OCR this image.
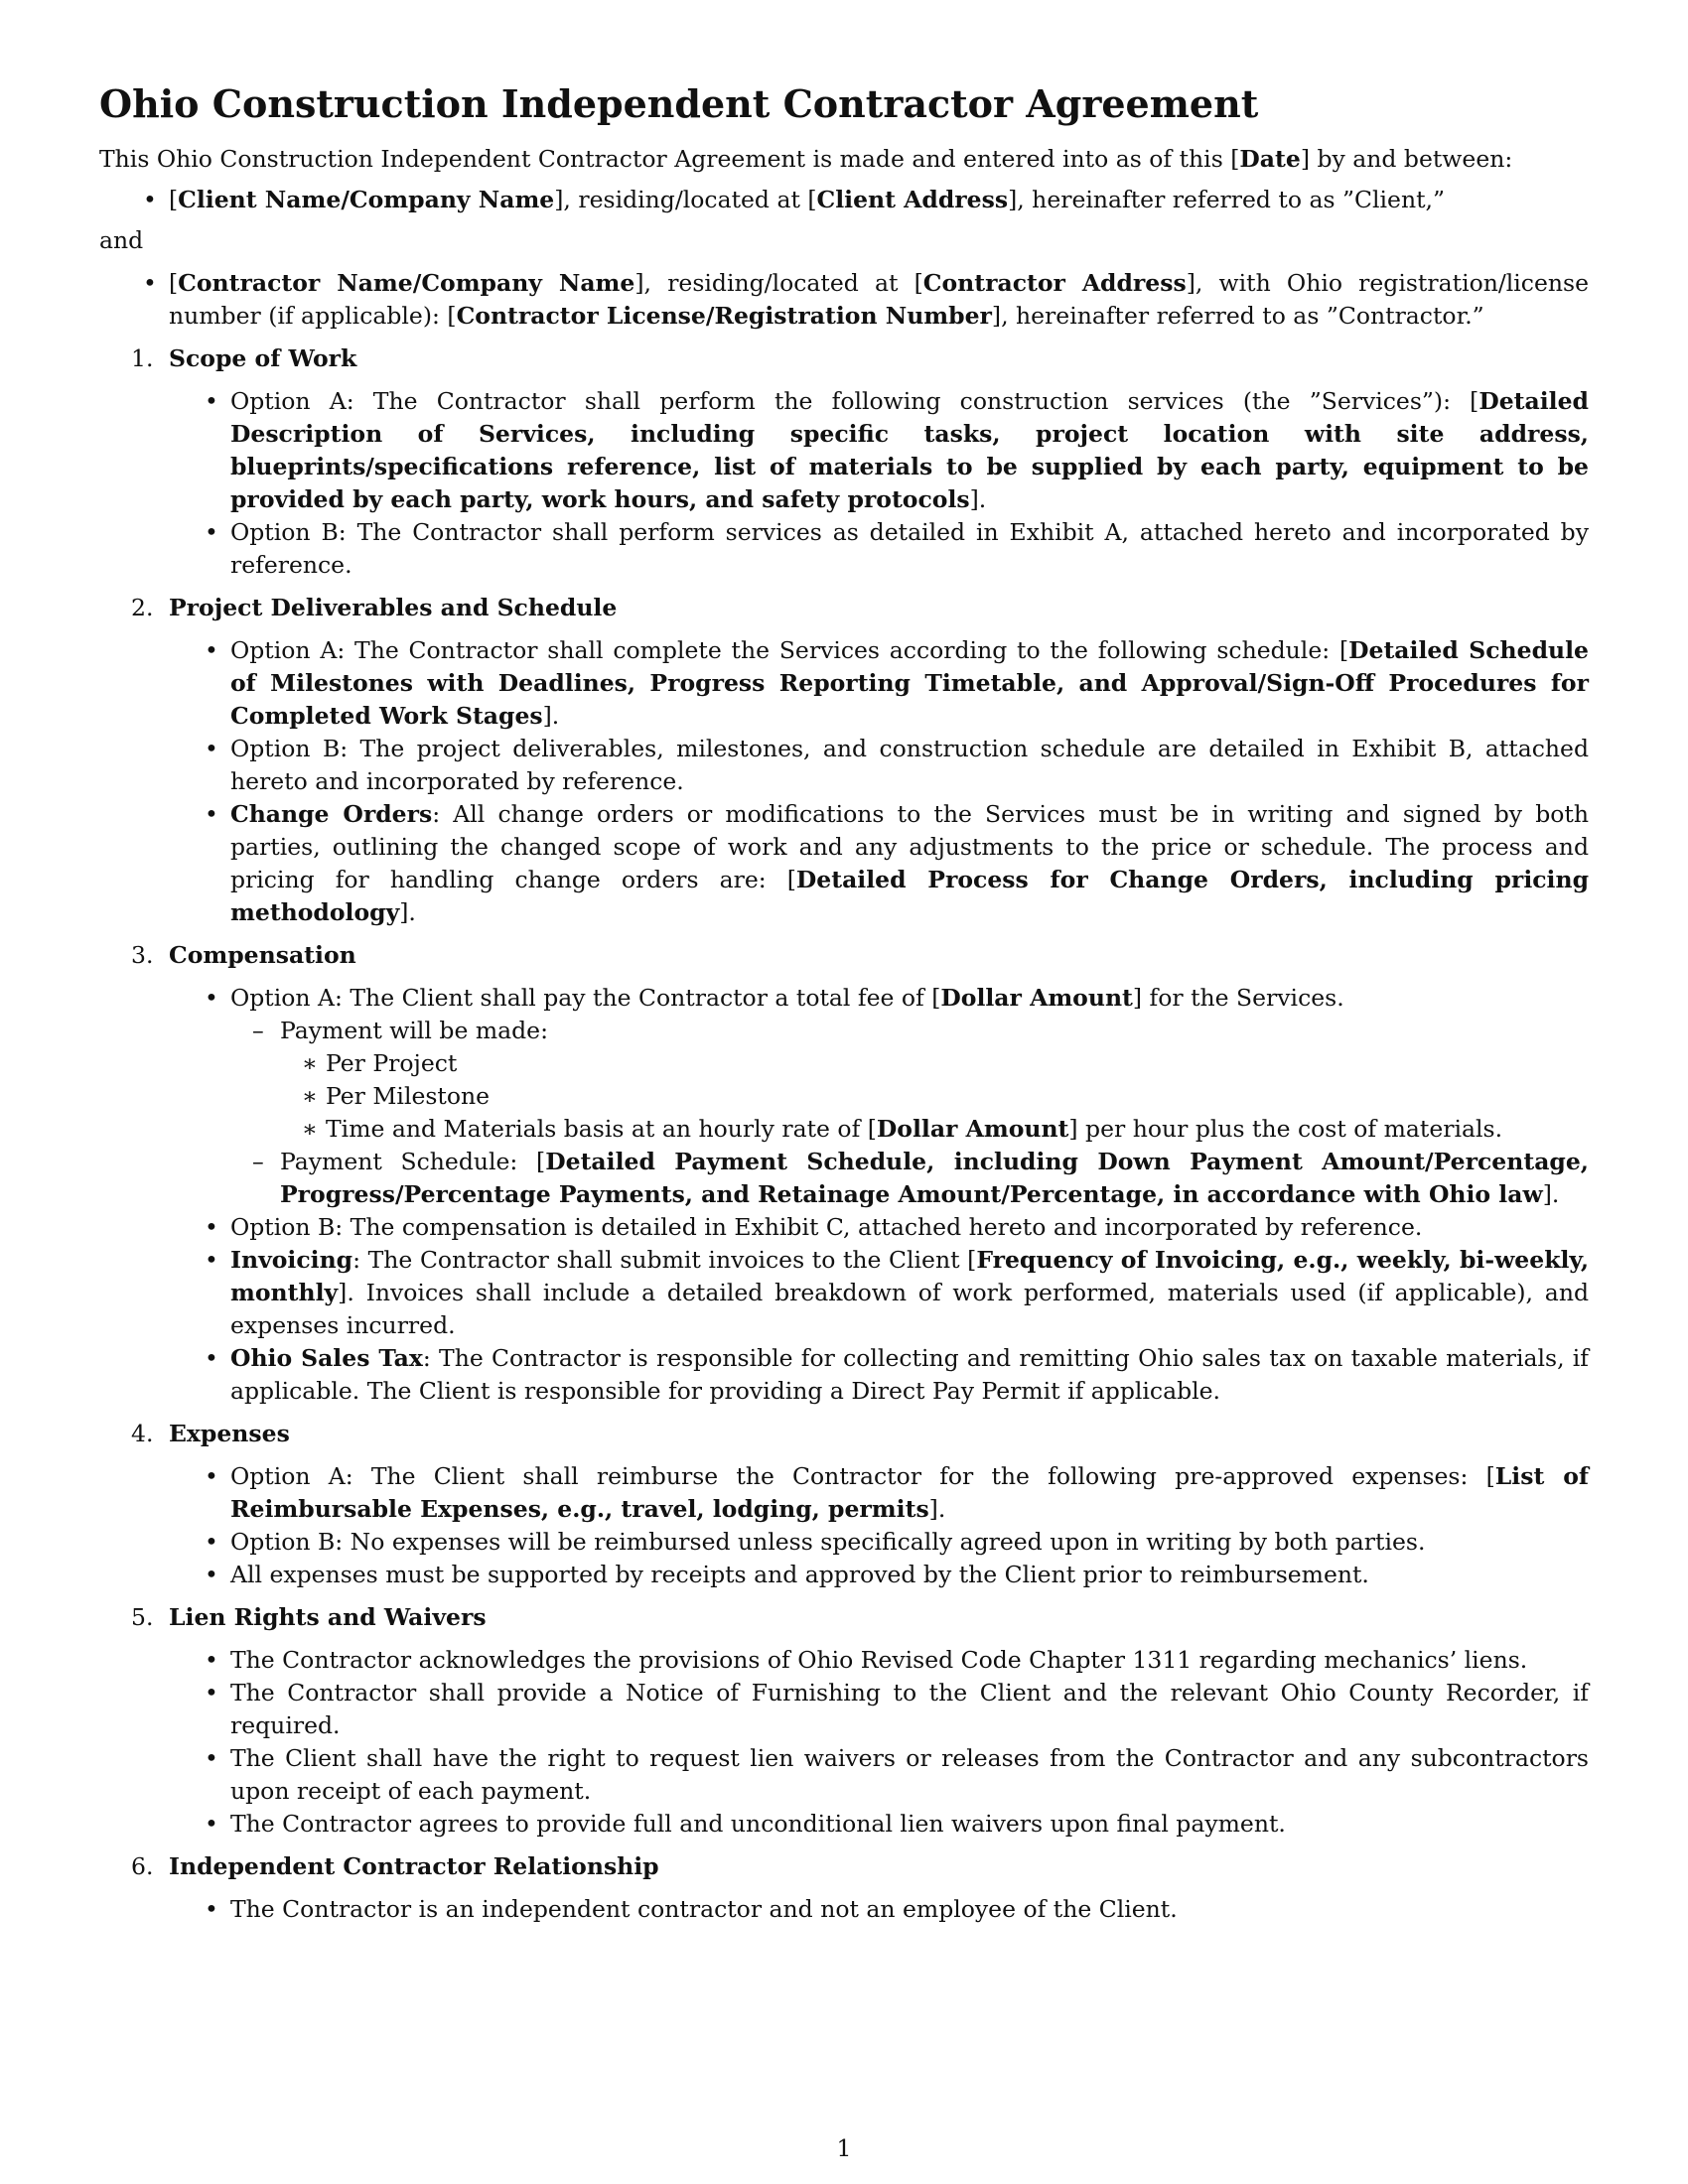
Ohio Construction Independent Contractor Agreement

This Ohio Construction Independent Contractor Agreement is made and entered into as of this [Date] by and between:

• [Client Name/Company Name], residing/located at [Client Address], hereinafter referred to as ”Client,”

and

• [Contractor Name/Company Name], residing/located at [Contractor Address], with Ohio registration/license number (if applicable): [Contractor License/Registration Number], hereinafter referred to as ”Contractor.”
1. Scope of Work
• Option A: The Contractor shall perform the following construction services (the ”Services”): [Detailed Description of Services, including specific tasks, project location with site address, blueprints/specifications reference, list of materials to be supplied by each party, equipment to be provided by each party, work hours, and safety protocols].
• Option B: The Contractor shall perform services as detailed in Exhibit A, attached hereto and incorporated by reference.
2. Project Deliverables and Schedule
• Option A: The Contractor shall complete the Services according to the following schedule: [Detailed Schedule of Milestones with Deadlines, Progress Reporting Timetable, and Approval/Sign-Off Procedures for Completed Work Stages].
• Option B: The project deliverables, milestones, and construction schedule are detailed in Exhibit B, attached hereto and incorporated by reference.
• Change Orders: All change orders or modifications to the Services must be in writing and signed by both parties, outlining the changed scope of work and any adjustments to the price or schedule. The process and pricing for handling change orders are: [Detailed Process for Change Orders, including pricing methodology].
3. Compensation
• Option A: The Client shall pay the Contractor a total fee of [Dollar Amount] for the Services.
– Payment will be made:
∗ Per Project
∗ Per Milestone
∗ Time and Materials basis at an hourly rate of [Dollar Amount] per hour plus the cost of materials.
– Payment Schedule: [Detailed Payment Schedule, including Down Payment Amount/Percentage, Progress/Percentage Payments, and Retainage Amount/Percentage, in accordance with Ohio law].
• Option B: The compensation is detailed in Exhibit C, attached hereto and incorporated by reference.
• Invoicing: The Contractor shall submit invoices to the Client [Frequency of Invoicing, e.g., weekly, bi-weekly, monthly]. Invoices shall include a detailed breakdown of work performed, materials used (if applicable), and expenses incurred.
• Ohio Sales Tax: The Contractor is responsible for collecting and remitting Ohio sales tax on taxable materials, if applicable. The Client is responsible for providing a Direct Pay Permit if applicable.
4. Expenses
• Option A: The Client shall reimburse the Contractor for the following pre-approved expenses: [List of Reimbursable Expenses, e.g., travel, lodging, permits].
• Option B: No expenses will be reimbursed unless specifically agreed upon in writing by both parties.
• All expenses must be supported by receipts and approved by the Client prior to reimbursement.
5. Lien Rights and Waivers
• The Contractor acknowledges the provisions of Ohio Revised Code Chapter 1311 regarding mechanics’ liens.
• The Contractor shall provide a Notice of Furnishing to the Client and the relevant Ohio County Recorder, if required.
• The Client shall have the right to request lien waivers or releases from the Contractor and any subcontractors upon receipt of each payment.
• The Contractor agrees to provide full and unconditional lien waivers upon final payment.
6. Independent Contractor Relationship
• The Contractor is an independent contractor and not an employee of the Client.
1
